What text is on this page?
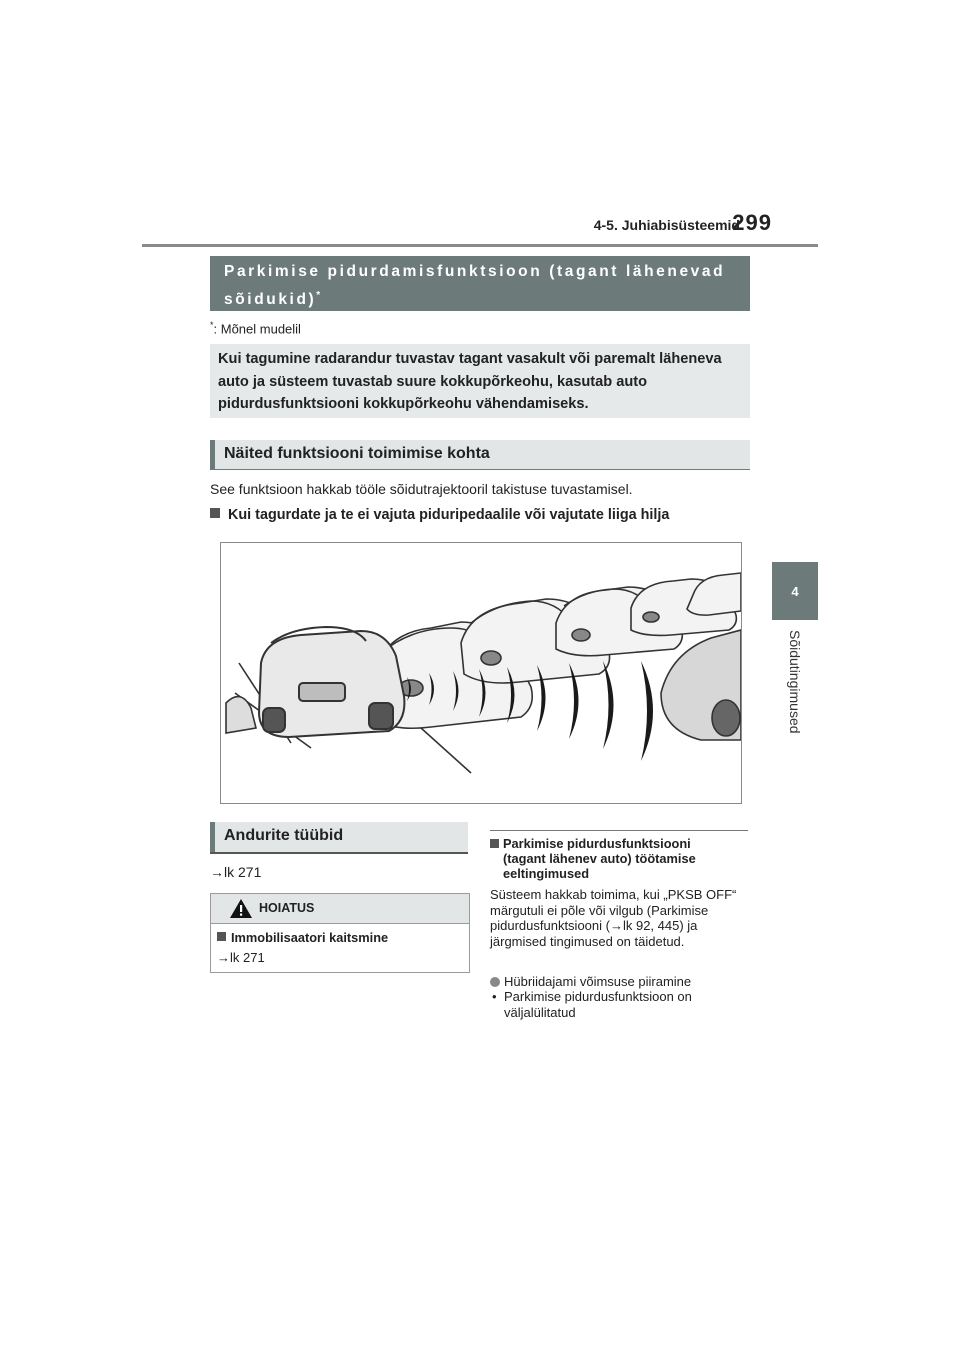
4-5. Juhiabisüsteemid
299
4
Sõidutingimused
Parkimise pidurdamisfunktsioon (tagant lähenevad sõidukid)*
*: Mõnel mudelil
Kui tagumine radarandur tuvastav tagant vasakult või paremalt läheneva auto ja süsteem tuvastab suure kokkupõrkeohu, kasutab auto pidurdusfunktsiooni kokkupõrkeohu vähendamiseks.
Näited funktsiooni toimimise kohta
See funktsioon hakkab tööle sõidutrajektooril takistuse tuvastamisel.
Kui tagurdate ja te ei vajuta piduripedaalile või vajutate liiga hilja
Andurite tüübid
→lk 271
HOIATUS
Immobilisaatori kaitsmine
→lk 271
Parkimise pidurdusfunktsiooni
(tagant lähenev auto) töötamise
eeltingimused
Süsteem hakkab toimima, kui „PKSB OFF“ märgutuli ei põle või vilgub (Parkimise pidurdusfunktsiooni (→lk 92, 445) ja järgmised tingimused on täidetud.
Hübriidajami võimsuse piiramine
• Parkimise pidurdusfunktsioon on väljalülitatud
